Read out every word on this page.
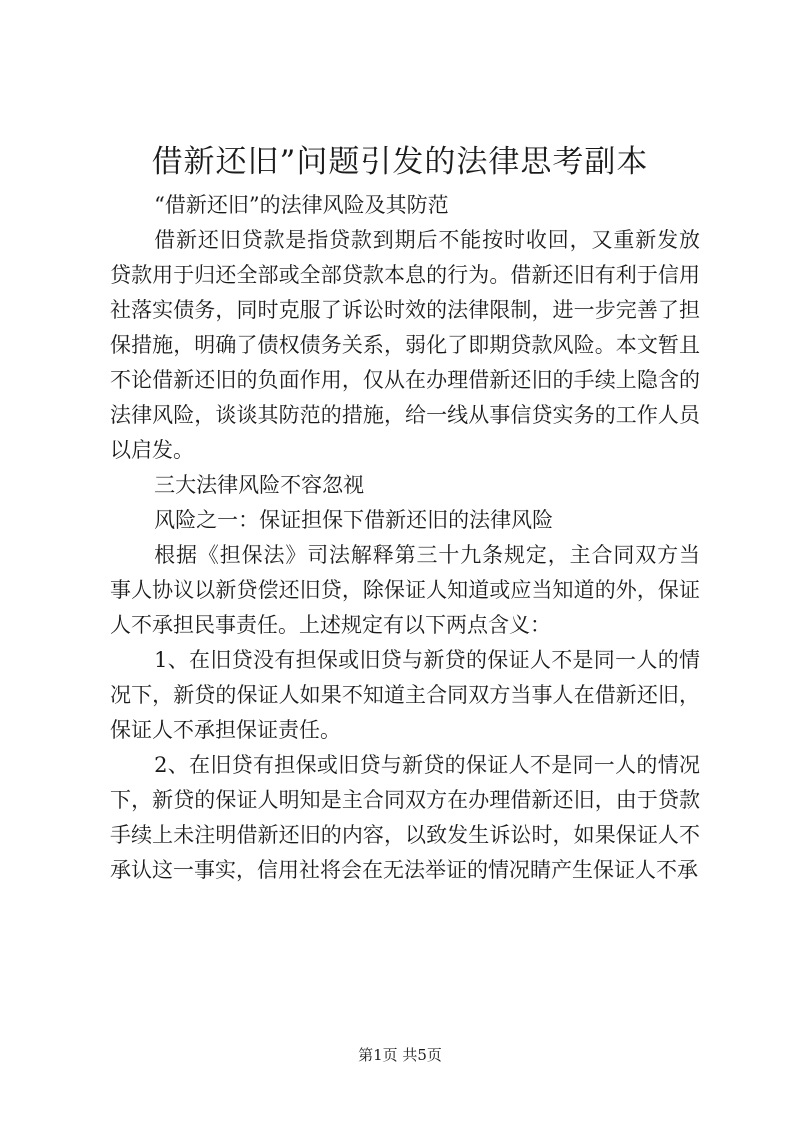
借新还旧”问题引发的法律思考副本

“借新还旧”的法律风险及其防范

借新还旧贷款是指贷款到期后不能按时收回，又重新发放贷款用于归还全部或全部贷款本息的行为。借新还旧有利于信用社落实债务，同时克服了诉讼时效的法律限制，进一步完善了担保措施，明确了债权债务关系，弱化了即期贷款风险。本文暂且不论借新还旧的负面作用，仅从在办理借新还旧的手续上隐含的法律风险，谈谈其防范的措施，给一线从事信贷实务的工作人员以启发。

三大法律风险不容忽视

风险之一：保证担保下借新还旧的法律风险

根据《担保法》司法解释第三十九条规定，主合同双方当事人协议以新贷偿还旧贷，除保证人知道或应当知道的外，保证人不承担民事责任。上述规定有以下两点含义：

1、在旧贷没有担保或旧贷与新贷的保证人不是同一人的情况下，新贷的保证人如果不知道主合同双方当事人在借新还旧，保证人不承担保证责任。

2、在旧贷有担保或旧贷与新贷的保证人不是同一人的情况下，新贷的保证人明知是主合同双方在办理借新还旧，由于贷款手续上未注明借新还旧的内容，以致发生诉讼时，如果保证人不承认这一事实，信用社将会在无法举证的情况睛产生保证人不承

第1页 共5页
